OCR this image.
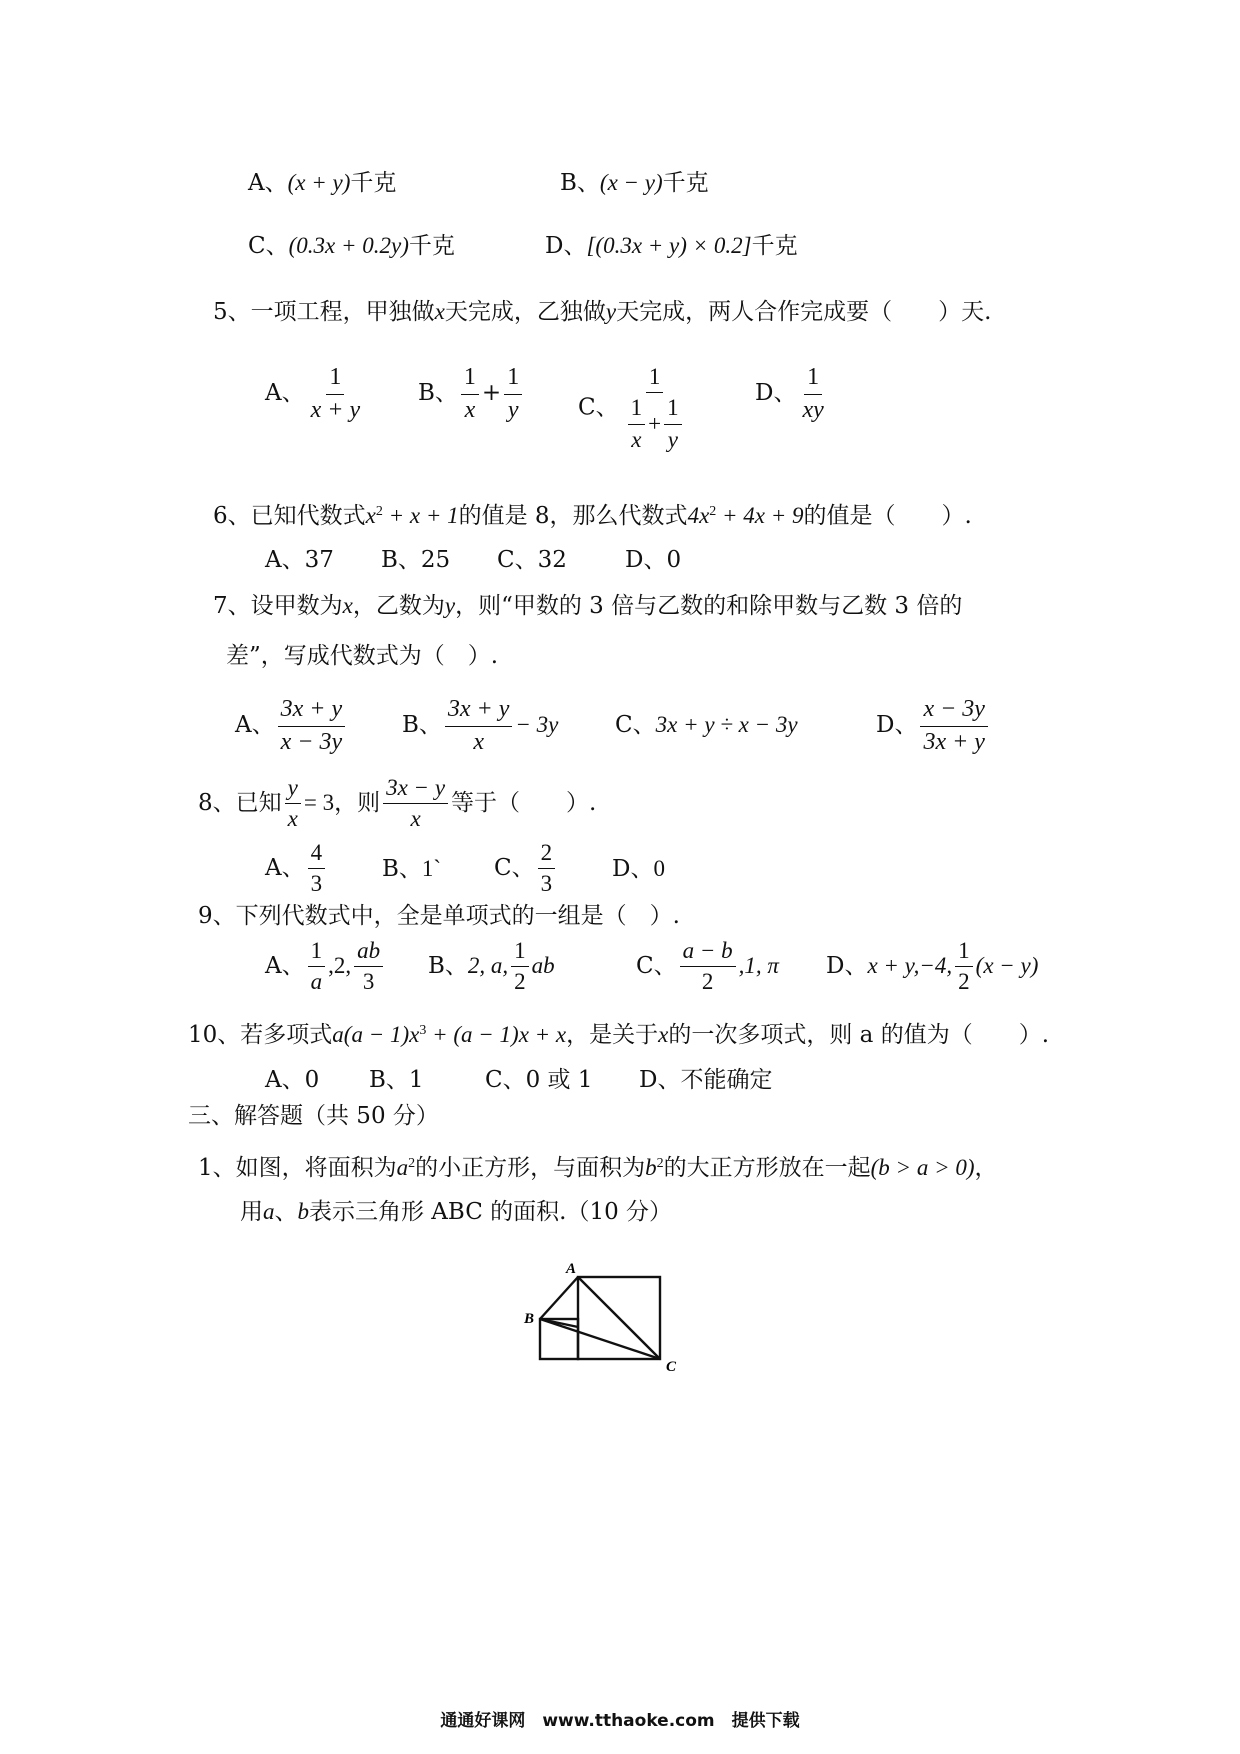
A、(x + y)千克	B、(x − y)千克
C、(0.3x + 0.2y)千克	D、[(0.3x + y) × 0.2]千克
5、一项工程，甲独做x天完成，乙独做y天完成，两人合作完成要（　　）天.
A、 $\frac{1}{x + y}$ B、 $\frac{1}{x} + \frac{1}{y}$ C、 $\frac{1}{\frac{1}{x} + \frac{1}{y}}$	D、 $\frac{1}{xy}$
6、已知代数式$x^2 + x + 1$的值是 8，那么代数式$4x^2 + 4x + 9$的值是（　　）.
A、37 B、25 C、32	D、0
7、设甲数为x，乙数为y，则“甲数的 3 倍与乙数的和除甲数与乙数 3 倍的
差”，写成代数式为（　）.
A、 $\frac{3x + y}{x - 3y}$ B、 $\frac{3x + y}{x} - 3y$ C、3x + y ÷ x − 3y	D、 $\frac{x - 3y}{3x + y}$
8、已知 $\frac{y}{x} = 3$，则 $\frac{3x - y}{x}$ 等于（　　）.
A、 $\frac{4}{3}$ B、1` C、 $\frac{2}{3}$ D、0
9、下列代数式中，全是单项式的一组是（　）.
A、 $\frac{1}{a} ,2$, $\frac{ab}{3}$ B、2, a, $\frac{1}{2}$ ab	C、 $\frac{a - b}{2} ,1$, π D、x + y,−4, $\frac{1}{2} (x - y)$
10、若多项式$a(a - 1)x^3 + (a - 1)x + x$，是关于x的一次多项式，则 a 的值为（　　）.
A、0 B、1	C、0 或 1 D、不能确定
三、解答题（共 50 分）
1、如图，将面积为$a^2$的小正方形，与面积为$b^2$的大正方形放在一起(b > a > 0)，
用a、b表示三角形 ABC 的面积.（10 分）
A
B
C
通通好课网　www.tthaoke.com　提供下载
